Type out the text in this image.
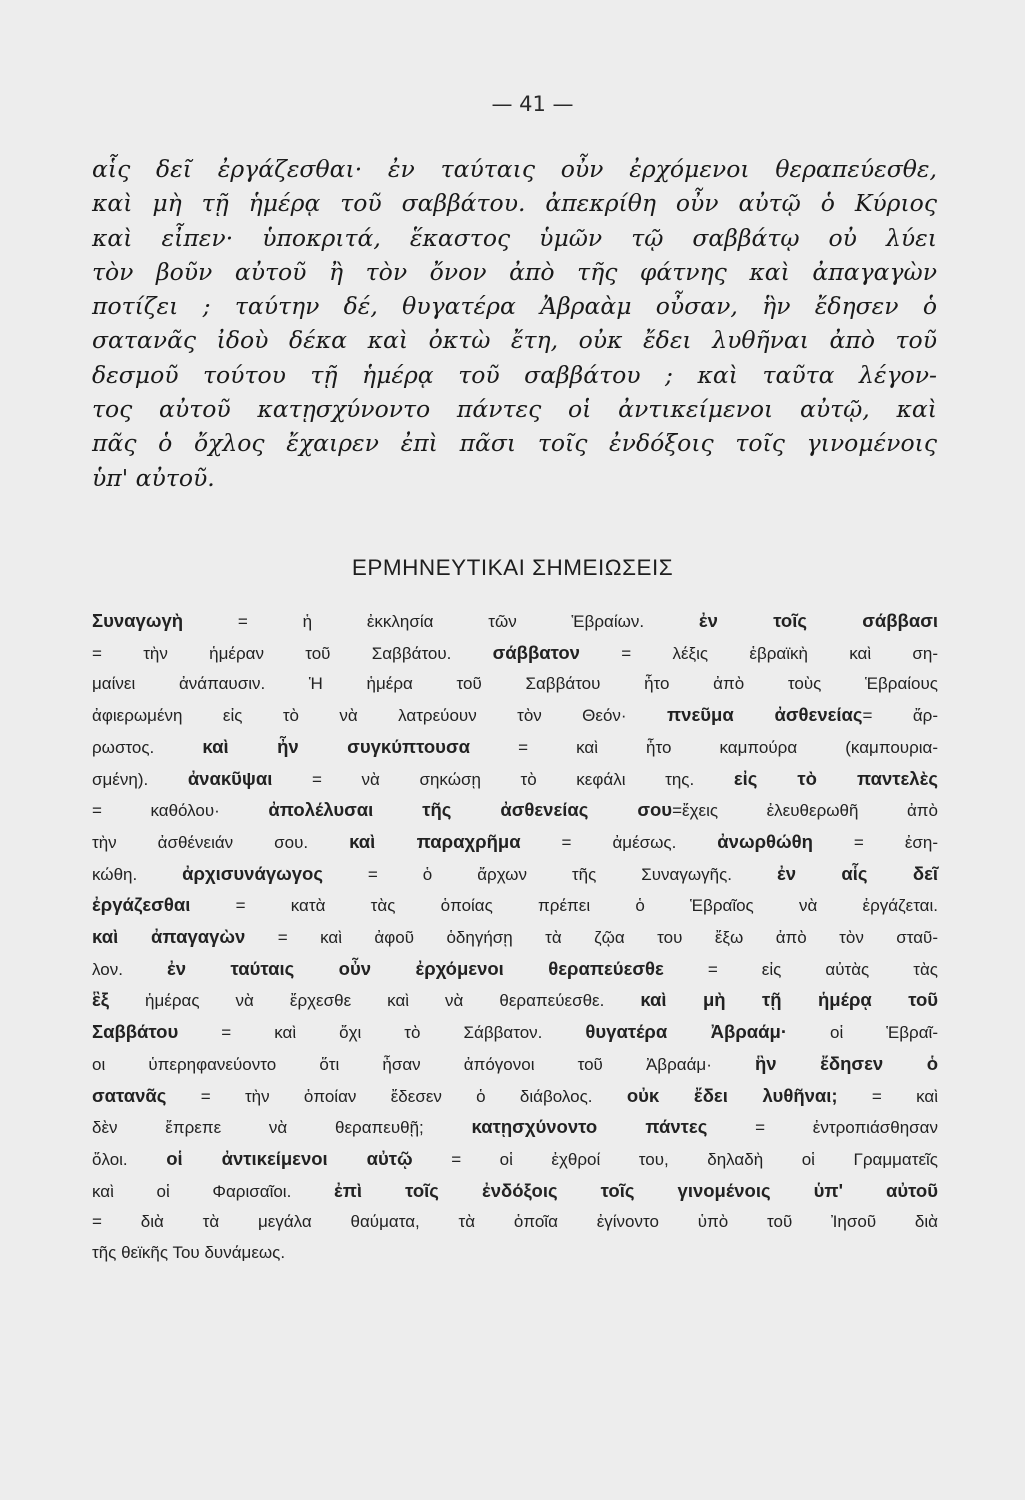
— 41 —
αἷς δεῖ ἐργάζεσθαι· ἐν ταύταις οὖν ἐρχόμενοι θεραπεύεσθε,
καὶ μὴ τῇ ἡμέρᾳ τοῦ σαββάτου. ἀπεκρίθη οὖν αὐτῷ ὁ Κύριος
καὶ εἶπεν· ὑποκριτά, ἕκαστος ὑμῶν τῷ σαββάτῳ οὐ λύει
τὸν βοῦν αὐτοῦ ἢ τὸν ὄνον ἀπὸ τῆς φάτνης καὶ ἀπαγαγὼν
ποτίζει ; ταύτην δέ, θυγατέρα Ἀβραὰμ οὖσαν, ἣν ἔδησεν ὁ
σατανᾶς ἰδοὺ δέκα καὶ ὀκτὼ ἔτη, οὐκ ἔδει λυθῆναι ἀπὸ τοῦ
δεσμοῦ τούτου τῇ ἡμέρᾳ τοῦ σαββάτου ; καὶ ταῦτα λέγον-
τος αὐτοῦ κατῃσχύνοντο πάντες οἱ ἀντικείμενοι αὐτῷ, καὶ
πᾶς ὁ ὄχλος ἔχαιρεν ἐπὶ πᾶσι τοῖς ἐνδόξοις τοῖς γινομένοις
ὑπ' αὐτοῦ.
ΕΡΜΗΝΕΥΤΙΚΑΙ ΣΗΜΕΙΩΣΕΙΣ
Συναγωγὴ = ἡ ἐκκλησία τῶν Ἑβραίων. ἐν τοῖς σάββασι
= τὴν ἡμέραν τοῦ Σαββάτου. σάββατον = λέξις ἑβραϊκὴ καὶ ση-
μαίνει ἀνάπαυσιν. Ἡ ἡμέρα τοῦ Σαββάτου ἦτο ἀπὸ τοὺς Ἑβραίους
ἀφιερωμένη εἰς τὸ νὰ λατρεύουν τὸν Θεόν· πνεῦμα ἀσθενείας= ἄρ-
ρωστος. καὶ ἦν συγκύπτουσα = καὶ ἦτο καμπούρα (καμπουρια-
σμένη). ἀνακῦψαι = νὰ σηκώσῃ τὸ κεφάλι της. εἰς τὸ παντελὲς
= καθόλου· ἀπολέλυσαι τῆς ἀσθενείας σου=ἔχεις ἐλευθερωθῆ ἀπὸ
τὴν ἀσθένειάν σου. καὶ παραχρῆμα = ἀμέσως. ἀνωρθώθη = ἐση-
κώθη. ἀρχισυνάγωγος = ὁ ἄρχων τῆς Συναγωγῆς. ἐν αἷς δεῖ
ἐργάζεσθαι = κατὰ τὰς ὁποίας πρέπει ὁ Ἑβραῖος νὰ ἐργάζεται.
καὶ ἀπαγαγὼν = καὶ ἀφοῦ ὁδηγήσῃ τὰ ζῷα του ἔξω ἀπὸ τὸν σταῦ-
λον. ἐν ταύταις οὖν ἐρχόμενοι θεραπεύεσθε = εἰς αὐτὰς τὰς
ἓξ ἡμέρας νὰ ἔρχεσθε καὶ νὰ θεραπεύεσθε. καὶ μὴ τῇ ἡμέρᾳ τοῦ
Σαββάτου = καὶ ὄχι τὸ Σάββατον. θυγατέρα Ἀβραάμ· οἱ Ἑβραῖ-
οι ὑπερηφανεύοντο ὅτι ἦσαν ἀπόγονοι τοῦ Ἀβραάμ· ἣν ἔδησεν ὁ
σατανᾶς = τὴν ὁποίαν ἔδεσεν ὁ διάβολος. οὐκ ἔδει λυθῆναι; = καὶ
δὲν ἔπρεπε νὰ θεραπευθῇ; κατῃσχύνοντο πάντες = ἐντροπιάσθησαν
ὅλοι. οἱ ἀντικείμενοι αὐτῷ = οἱ ἐχθροί του, δηλαδὴ οἱ Γραμματεῖς
καὶ οἱ Φαρισαῖοι. ἐπὶ τοῖς ἐνδόξοις τοῖς γινομένοις ὑπ' αὐτοῦ
= διὰ τὰ μεγάλα θαύματα, τὰ ὁποῖα ἐγίνοντο ὑπὸ τοῦ Ἰησοῦ διὰ
τῆς θεϊκῆς Του δυνάμεως.
